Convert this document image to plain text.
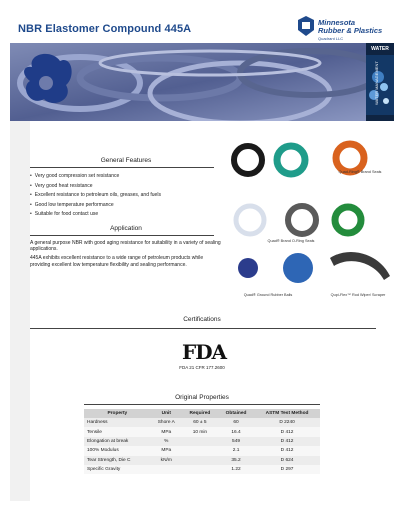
NBR Elastomer Compound 445A
Minnesota
Rubber & Plastics
Quadrant LLC
WATER
WATER MANAGEMENT
General Features
• Very good compression set resistance
• Very good heat resistance
• Excellent resistance to petroleum oils, greases, and fuels
• Good low temperature performance
• Suitable for food contact use
Application

A general purpose NBR with good aging resistance for suitability in a variety of sealing applications.

445A exhibits excellent resistance to a wide range of petroleum products while providing excellent low temperature flexibility and sealing performance.

Quad-Ring® Brand Seals
Quad® Brand O-Ring Seals
Quad® Ground Rubber Balls	Qupi-Flex™ Rod Wiper/ Scraper
Certifications
FDA
FDA 21 CFR 177.2600
Original Properties
Property	Unit	Required	Obtained	ASTM Test Method
Hardness	Shore A	60 ± 5	60	D 2240
Tensile	MPa	10 min	16.4	D 412
Elongation at break	%		549	D 412
100% Modulus	MPa		2.1	D 412
Tear Strength, Die C	kN/m		35.2	D 624
Specific Gravity			1.22	D 297
